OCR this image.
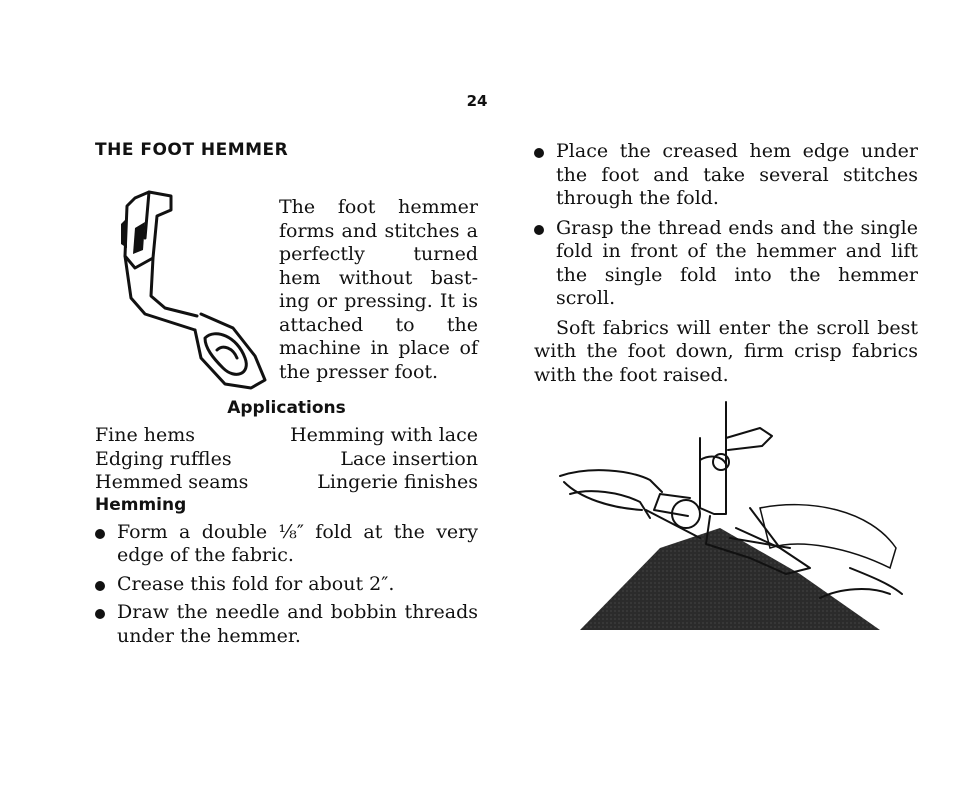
24
THE FOOT HEMMER
The foot hemmer forms and stitches a perfectly turned hem without bast-ing or pressing. It is attached to the machine in place of the presser foot.
Applications
Fine hems	Hemming with lace
Edging ruffles	Lace insertion
Hemmed seams	Lingerie finishes
Hemming
Form a double ⅛″ fold at the very edge of the fabric.
Crease this fold for about 2″.
Draw the needle and bobbin threads under the hemmer.
Place the creased hem edge under the foot and take several stitches through the fold.
Grasp the thread ends and the single fold in front of the hemmer and lift the single fold into the hemmer scroll.

Soft fabrics will enter the scroll best with the foot down, firm crisp fabrics with the foot raised.
